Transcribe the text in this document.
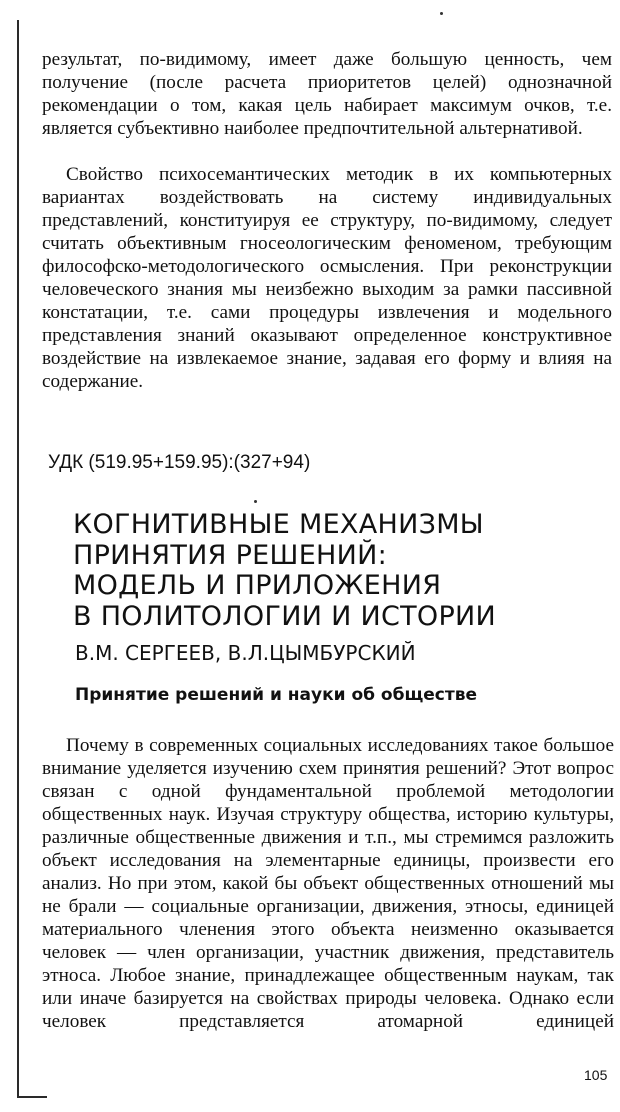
результат, по-видимому, имеет даже большую ценность, чем получение (после расчета приоритетов целей) однозначной рекомендации о том, какая цель набирает максимум очков, т.е. является субъективно наиболее предпочтительной альтернативой.

Свойство психосемантических методик в их компьютерных вариантах воздействовать на систему индивидуальных представлений, конституируя ее структуру, по-видимому, следует считать объективным гносеологическим феноменом, требующим философско-методологического осмысления. При реконструкции человеческого знания мы неизбежно выходим за рамки пассивной констатации, т.е. сами процедуры извлечения и модельного представления знаний оказывают определенное конструктивное воздействие на извлекаемое знание, задавая его форму и влияя на содержание.

УДК (519.95+159.95):(327+94)
КОГНИТИВНЫЕ МЕХАНИЗМЫ
ПРИНЯТИЯ РЕШЕНИЙ:
МОДЕЛЬ И ПРИЛОЖЕНИЯ
В ПОЛИТОЛОГИИ И ИСТОРИИ
В.М. СЕРГЕЕВ, В.Л.ЦЫМБУРСКИЙ
Принятие решений и науки об обществе

Почему в современных социальных исследованиях такое большое внимание уделяется изучению схем принятия решений? Этот вопрос связан с одной фундаментальной проблемой методологии общественных наук. Изучая структуру общества, историю культуры, различные общественные движения и т.п., мы стремимся разложить объект исследования на элементарные единицы, произвести его анализ. Но при этом, какой бы объект общественных отношений мы не брали — социальные организации, движения, этносы, единицей материального членения этого объекта неизменно оказывается человек — член организации, участник движения, представитель этноса. Любое знание, принадлежащее общественным наукам, так или иначе базируется на свойствах природы человека. Однако если человек представляется атомарной единицей

105
